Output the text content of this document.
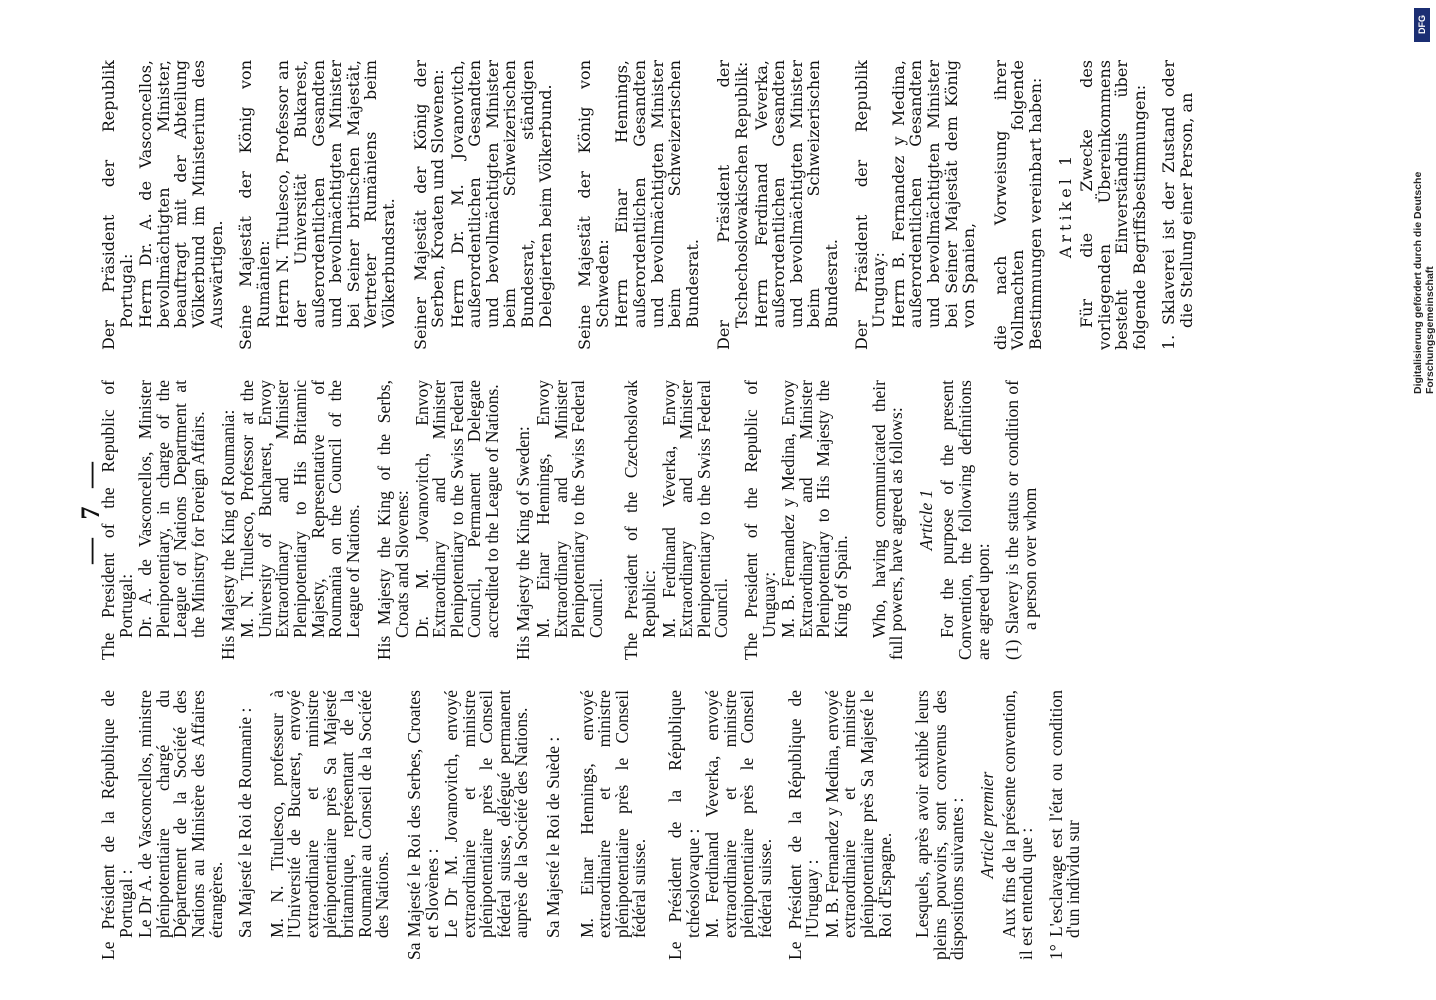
— 7 —

Le Président de la République de Portugal : Le Dr A. de Vasconcellos, ministre plénipotentiaire chargé du Département de la Société des Nations au Ministère des Affaires étrangères. Sa Majesté le Roi de Roumanie : M. N. Titulesco, professeur à l'Université de Bucarest, envoyé extraordinaire et ministre plénipotentiaire près Sa Majesté britannique, représentant de la Roumanie au Conseil de la Société des Nations. Sa Majesté le Roi des Serbes, Croates et Slovènes : Le Dr M. Jovanovitch, envoyé extraordinaire et ministre plénipotentiaire près le Conseil fédéral suisse, délégué permanent auprès de la Société des Nations. Sa Majesté le Roi de Suède : M. Einar Hennings, envoyé extraordinaire et ministre plénipotentiaire près le Conseil fédéral suisse. Le Président de la République tchéoslovaque : M. Ferdinand Veverka, envoyé extraordinaire et ministre plénipotentiaire près le Conseil fédéral suisse. Le Président de la République de l'Uruguay : M. B. Fernandez y Medina, envoyé extraordinaire et ministre plénipotentiaire près Sa Majesté le Roi d'Espagne. Lesquels, après avoir exhibé leurs pleins pouvoirs, sont convenus des dispositions suivantes : Article premier Aux fins de la présente convention, il est entendu que : 1° L'esclavage est l'état ou condition d'un individu sur

The President of the Republic of Portugal: Dr. A. de Vasconcellos, Minister Plenipotentiary, in charge of the League of Nations Department at the Ministry for Foreign Affairs. His Majesty the King of Roumania: M. N. Titulesco, Professor at the University of Bucharest, Envoy Extraordinary and Minister Plenipotentiary to His Britannic Majesty, Representative of Roumania on the Council of the League of Nations. His Majesty the King of the Serbs, Croats and Slovenes: Dr. M. Jovanovitch, Envoy Extraordinary and Minister Plenipotentiary to the Swiss Federal Council, Permanent Delegate accredited to the League of Nations. His Majesty the King of Sweden: M. Einar Hennings, Envoy Extraordinary and Minister Plenipotentiary to the Swiss Federal Council. The President of the Czechoslovak Republic: M. Ferdinand Veverka, Envoy Extraordinary and Minister Plenipotentiary to the Swiss Federal Council. The President of the Republic of Uruguay: M. B. Fernandez y Medina, Envoy Extraordinary and Minister Plenipotentiary to His Majesty the King of Spain. Who, having communicated their full powers, have agreed as follows: Article 1 For the purpose of the present Convention, the following definitions are agreed upon: (1) Slavery is the status or condition of a person over whom

Der Präsident der Republik Portugal: Herrn Dr. A. de Vasconcellos, bevollmächtigten Minister, beauftragt mit der Abteilung Völkerbund im Ministerium des Auswärtigen. Seine Majestät der König von Rumänien: Herrn N. Titulesco, Professor an der Universität Bukarest, außerordentlichen Gesandten und bevollmächtigten Minister bei Seiner britischen Majestät, Vertreter Rumäniens beim Völkerbundsrat. Seiner Majestät der König der Serben, Kroaten und Slowenen: Herrn Dr. M. Jovanovitch, außerordentlichen Gesandten und bevollmächtigten Minister beim Schweizerischen Bundesrat, ständigen Delegierten beim Völkerbund. Seine Majestät der König von Schweden: Herrn Einar Hennings, außerordentlichen Gesandten und bevollmächtigten Minister beim Schweizerischen Bundesrat. Der Präsident der Tschechoslowakischen Republik: Herrn Ferdinand Veverka, außerordentlichen Gesandten und bevollmächtigten Minister beim Schweizerischen Bundesrat. Der Präsident der Republik Uruguay: Herrn B. Fernandez y Medina, außerordentlichen Gesandten und bevollmächtigten Minister bei Seiner Majestät dem König von Spanien, die nach Vorweisung ihrer Vollmachten folgende Bestimmungen vereinbart haben: Artikel 1 Für die Zwecke des vorliegenden Übereinkommens besteht Einverständnis über folgende Begriffsbestimmungen: 1. Sklaverei ist der Zustand oder die Stellung einer Person, an

DFG
Digitalisierung gefördert durch die Deutsche Forschungsgemeinschaft
